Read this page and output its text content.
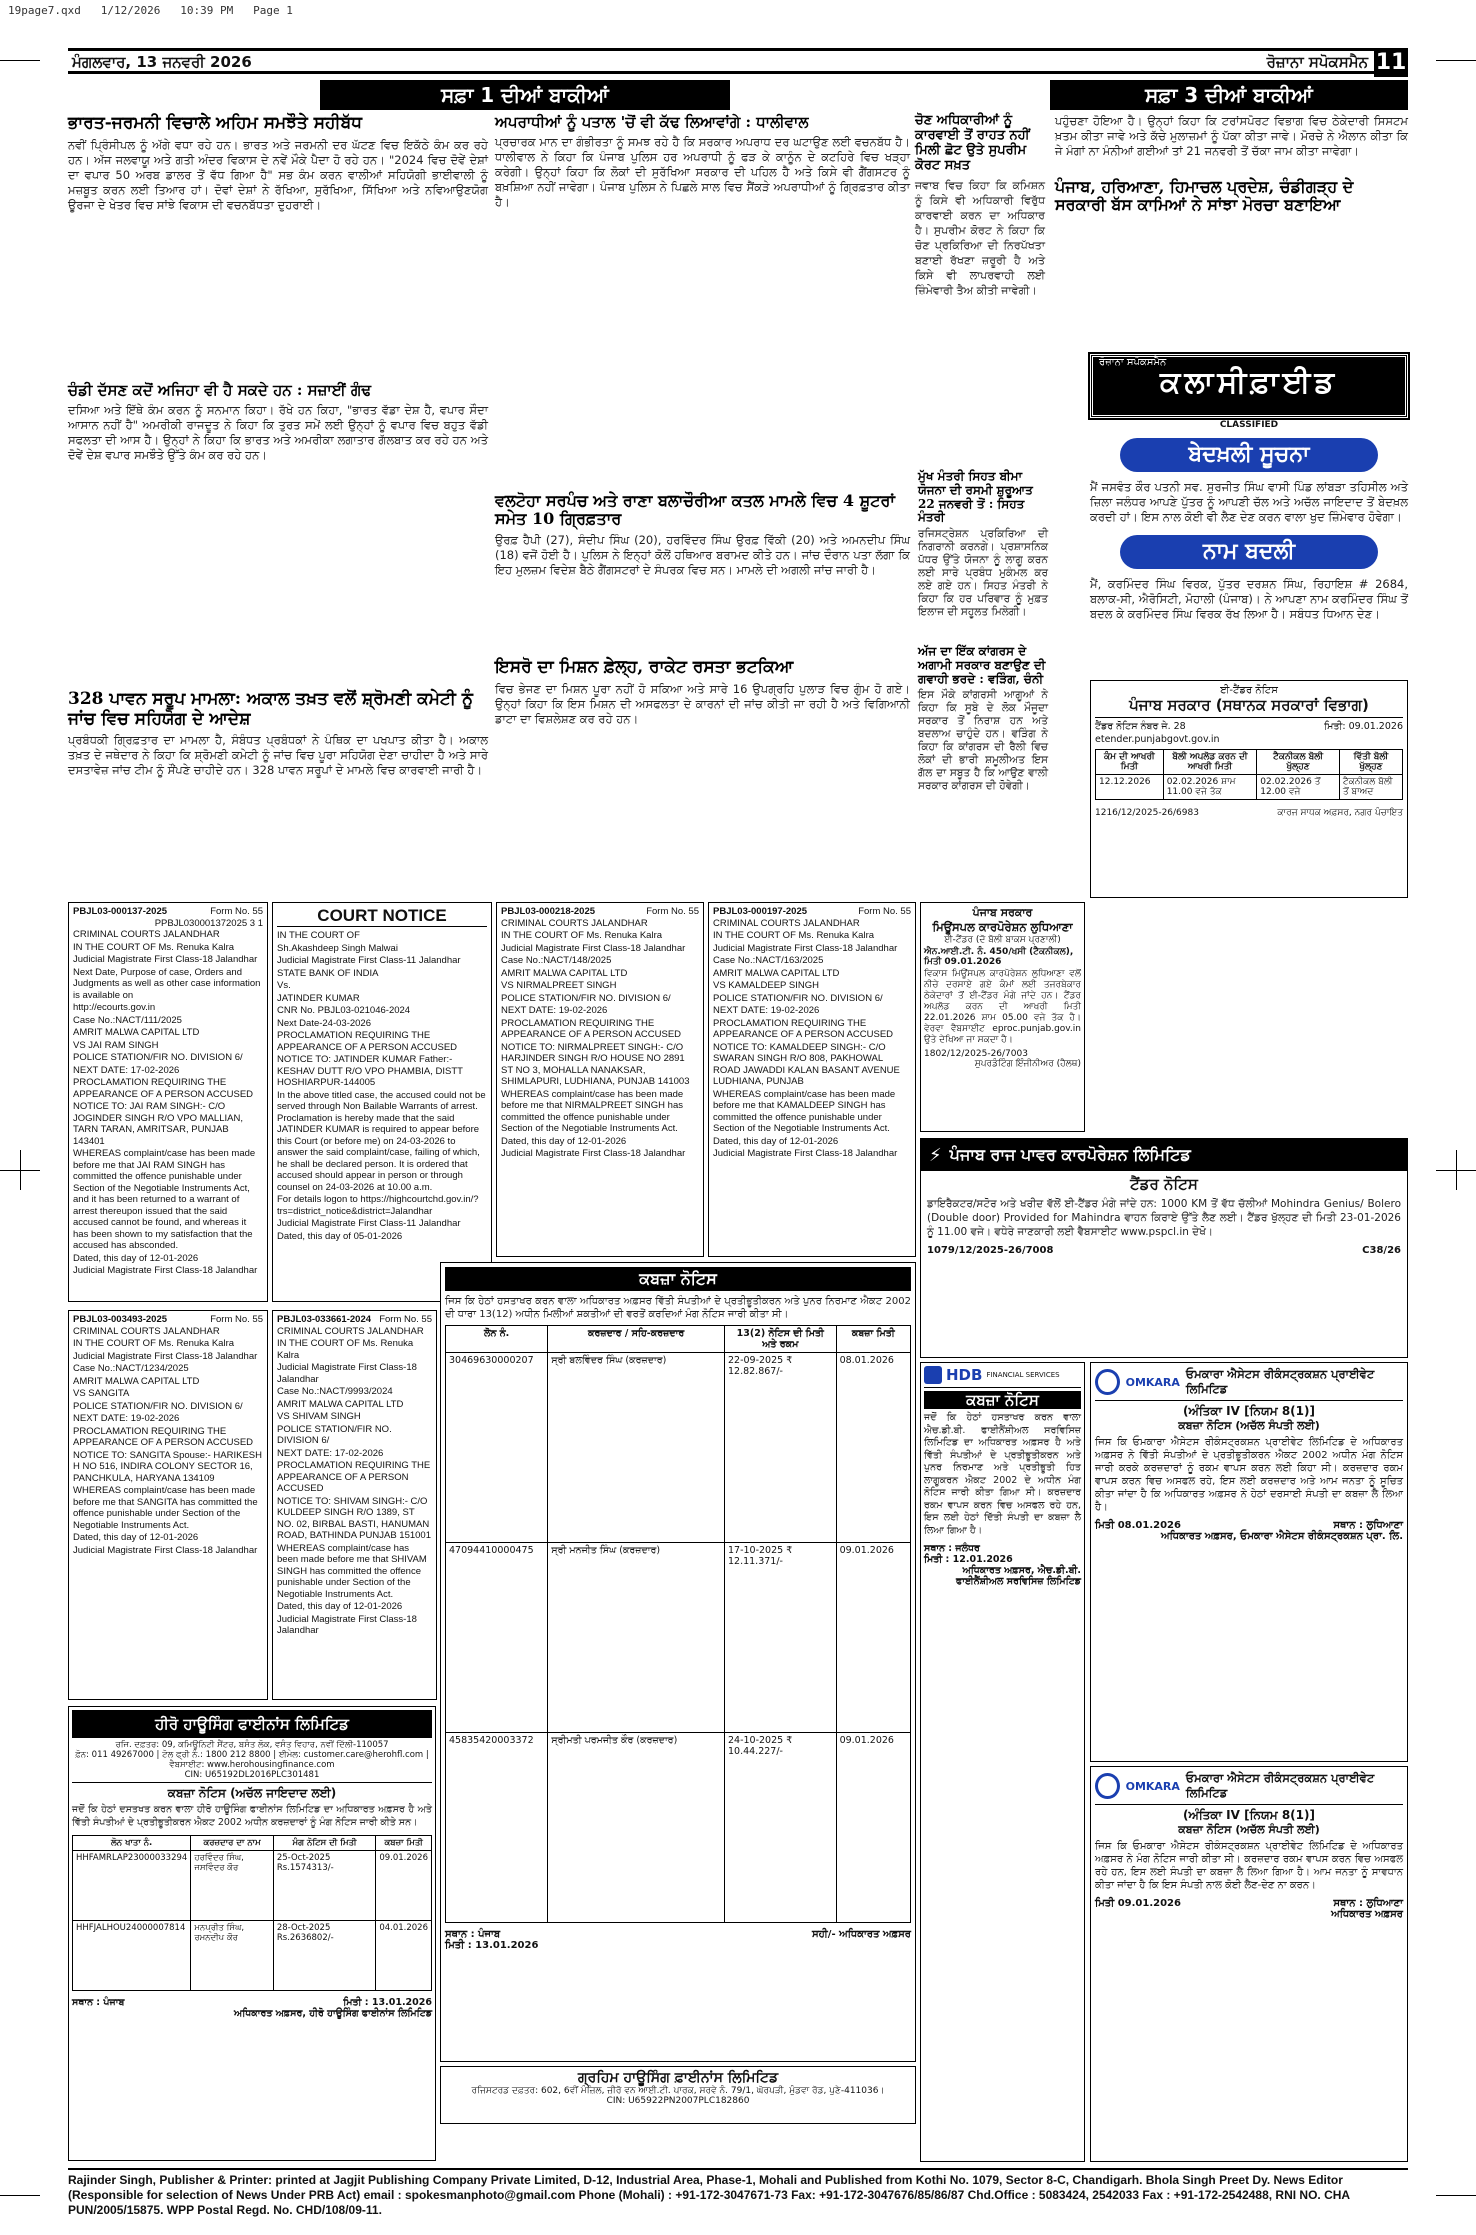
19page7.qxd 1/12/2026 10:39 PM Page 1
ਮੰਗਲਵਾਰ, 13 ਜਨਵਰੀ 2026	ਰੋਜ਼ਾਨਾ ਸਪੋਕਸਮੈਨ 11
ਸਫ਼ਾ 1 ਦੀਆਂ ਬਾਕੀਆਂ	ਸਫ਼ਾ 3 ਦੀਆਂ ਬਾਕੀਆਂ
ਭਾਰਤ-ਜਰਮਨੀ ਵਿਚਾਲੇ ਅਹਿਮ ਸਮਝੌਤੇ ਸਹੀਬੱਧ
ਨਵੀਂ ਪ੍ਰਿੰਸੀਪਲ ਨੂੰ ਅੱਗੇ ਵਧਾ ਰਹੇ ਹਨ। ਭਾਰਤ ਅਤੇ ਜਰਮਨੀ ਦਰ ਘੱਟਣ ਵਿਚ ਇਕੱਠੇ ਕੰਮ ਕਰ ਰਹੇ ਹਨ। ਅੱਜ ਜਲਵਾਯੂ ਅਤੇ ਗਤੀ ਅੰਦਰ ਵਿਕਾਸ ਦੇ ਨਵੇਂ ਮੌਕੇ ਪੈਦਾ ਹੋ ਰਹੇ ਹਨ। "2024 ਵਿਚ ਦੋਵੇਂ ਦੇਸ਼ਾਂ ਦਾ ਵਪਾਰ 50 ਅਰਬ ਡਾਲਰ ਤੋਂ ਵੱਧ ਗਿਆ ਹੈ" ਸਭ ਕੰਮ ਕਰਨ ਵਾਲੀਆਂ ਸਹਿਯੋਗੀ ਭਾਈਵਾਲੀ ਨੂੰ ਮਜ਼ਬੂਤ ਕਰਨ ਲਈ ਤਿਆਰ ਹਾਂ। ਦੋਵਾਂ ਦੇਸ਼ਾਂ ਨੇ ਰੱਖਿਆ, ਸੁਰੱਖਿਆ, ਸਿੱਖਿਆ ਅਤੇ ਨਵਿਆਉਣਯੋਗ ਊਰਜਾ ਦੇ ਖੇਤਰ ਵਿਚ ਸਾਂਝੇ ਵਿਕਾਸ ਦੀ ਵਚਨਬੱਧਤਾ ਦੁਹਰਾਈ।
ਚੰਡੀ ਦੱਸਣ ਕਦੋਂ ਅਜਿਹਾ ਵੀ ਹੈ ਸਕਦੇ ਹਨ : ਸਜ਼ਾਈਂ ਗੰਢ
ਦਸਿਆ ਅਤੇ ਇੱਥੇ ਕੰਮ ਕਰਨ ਨੂੰ ਸਨਮਾਨ ਕਿਹਾ। ਰੱਖੇ ਹਨ ਕਿਹਾ, "ਭਾਰਤ ਵੱਡਾ ਦੇਸ਼ ਹੈ, ਵਪਾਰ ਸੌਦਾ ਆਸਾਨ ਨਹੀਂ ਹੈ" ਅਮਰੀਕੀ ਰਾਜਦੂਤ ਨੇ ਕਿਹਾ ਕਿ ਤੁਰਤ ਸਮੇਂ ਲਈ ਉਨ੍ਹਾਂ ਨੂੰ ਵਪਾਰ ਵਿਚ ਬਹੁਤ ਵੱਡੀ ਸਫਲਤਾ ਦੀ ਆਸ ਹੈ। ਉਨ੍ਹਾਂ ਨੇ ਕਿਹਾ ਕਿ ਭਾਰਤ ਅਤੇ ਅਮਰੀਕਾ ਲਗਾਤਾਰ ਗੱਲਬਾਤ ਕਰ ਰਹੇ ਹਨ ਅਤੇ ਦੋਵੇਂ ਦੇਸ਼ ਵਪਾਰ ਸਮਝੌਤੇ ਉੱਤੇ ਕੰਮ ਕਰ ਰਹੇ ਹਨ।
328 ਪਾਵਨ ਸਰੂਪ ਮਾਮਲਾ: ਅਕਾਲ ਤਖ਼ਤ ਵਲੋਂ ਸ਼੍ਰੋਮਣੀ ਕਮੇਟੀ ਨੂੰ ਜਾਂਚ ਵਿਚ ਸਹਿਯੋਗ ਦੇ ਆਦੇਸ਼
ਪ੍ਰਬੰਧਕੀ ਗ੍ਰਿਫ਼ਤਾਰ ਦਾ ਮਾਮਲਾ ਹੈ, ਸੰਬੰਧਤ ਪ੍ਰਬੰਧਕਾਂ ਨੇ ਪੰਥਿਕ ਦਾ ਪਖਪਾਤ ਕੀਤਾ ਹੈ। ਅਕਾਲ ਤਖ਼ਤ ਦੇ ਜਥੇਦਾਰ ਨੇ ਕਿਹਾ ਕਿ ਸ਼੍ਰੋਮਣੀ ਕਮੇਟੀ ਨੂੰ ਜਾਂਚ ਵਿਚ ਪੂਰਾ ਸਹਿਯੋਗ ਦੇਣਾ ਚਾਹੀਦਾ ਹੈ ਅਤੇ ਸਾਰੇ ਦਸਤਾਵੇਜ਼ ਜਾਂਚ ਟੀਮ ਨੂੰ ਸੌਂਪਣੇ ਚਾਹੀਦੇ ਹਨ। 328 ਪਾਵਨ ਸਰੂਪਾਂ ਦੇ ਮਾਮਲੇ ਵਿਚ ਕਾਰਵਾਈ ਜਾਰੀ ਹੈ।
ਅਪਰਾਧੀਆਂ ਨੂੰ ਪਤਾਲ 'ਚੋਂ ਵੀ ਕੱਢ ਲਿਆਵਾਂਗੇ : ਧਾਲੀਵਾਲ
ਪ੍ਰਚਾਰਕ ਮਾਨ ਦਾ ਗੰਭੀਰਤਾ ਨੂੰ ਸਮਝ ਰਹੇ ਹੈ ਕਿ ਸਰਕਾਰ ਅਪਰਾਧ ਦਰ ਘਟਾਉਣ ਲਈ ਵਚਨਬੱਧ ਹੈ। ਧਾਲੀਵਾਲ ਨੇ ਕਿਹਾ ਕਿ ਪੰਜਾਬ ਪੁਲਿਸ ਹਰ ਅਪਰਾਧੀ ਨੂੰ ਫੜ ਕੇ ਕਾਨੂੰਨ ਦੇ ਕਟਹਿਰੇ ਵਿਚ ਖੜ੍ਹਾ ਕਰੇਗੀ। ਉਨ੍ਹਾਂ ਕਿਹਾ ਕਿ ਲੋਕਾਂ ਦੀ ਸੁਰੱਖਿਆ ਸਰਕਾਰ ਦੀ ਪਹਿਲ ਹੈ ਅਤੇ ਕਿਸੇ ਵੀ ਗੈਂਗਸਟਰ ਨੂੰ ਬਖ਼ਸ਼ਿਆ ਨਹੀਂ ਜਾਵੇਗਾ। ਪੰਜਾਬ ਪੁਲਿਸ ਨੇ ਪਿਛਲੇ ਸਾਲ ਵਿਚ ਸੈਂਕੜੇ ਅਪਰਾਧੀਆਂ ਨੂੰ ਗ੍ਰਿਫ਼ਤਾਰ ਕੀਤਾ ਹੈ।
ਵਲਟੋਹਾ ਸਰਪੰਚ ਅਤੇ ਰਾਣਾ ਬਲਾਚੌਰੀਆ ਕਤਲ ਮਾਮਲੇ ਵਿਚ 4 ਸ਼ੂਟਰਾਂ ਸਮੇਤ 10 ਗ੍ਰਿਫ਼ਤਾਰ
ਉਰਫ਼ ਹੈਪੀ (27), ਸੰਦੀਪ ਸਿੰਘ (20), ਹਰਵਿੰਦਰ ਸਿੰਘ ਉਰਫ਼ ਵਿੱਕੀ (20) ਅਤੇ ਅਮਨਦੀਪ ਸਿੰਘ (18) ਵਜੋਂ ਹੋਈ ਹੈ। ਪੁਲਿਸ ਨੇ ਇਨ੍ਹਾਂ ਕੋਲੋਂ ਹਥਿਆਰ ਬਰਾਮਦ ਕੀਤੇ ਹਨ। ਜਾਂਚ ਦੌਰਾਨ ਪਤਾ ਲੱਗਾ ਕਿ ਇਹ ਮੁਲਜ਼ਮ ਵਿਦੇਸ਼ ਬੈਠੇ ਗੈਂਗਸਟਰਾਂ ਦੇ ਸੰਪਰਕ ਵਿਚ ਸਨ। ਮਾਮਲੇ ਦੀ ਅਗਲੀ ਜਾਂਚ ਜਾਰੀ ਹੈ।
ਇਸਰੋ ਦਾ ਮਿਸ਼ਨ ਫ਼ੇਲ੍ਹ, ਰਾਕੇਟ ਰਸਤਾ ਭਟਕਿਆ
ਵਿਚ ਭੇਜਣ ਦਾ ਮਿਸ਼ਨ ਪੂਰਾ ਨਹੀਂ ਹੋ ਸਕਿਆ ਅਤੇ ਸਾਰੇ 16 ਉਪਗ੍ਰਹਿ ਪੁਲਾੜ ਵਿਚ ਗੁੰਮ ਹੋ ਗਏ। ਉਨ੍ਹਾਂ ਕਿਹਾ ਕਿ ਇਸ ਮਿਸ਼ਨ ਦੀ ਅਸਫਲਤਾ ਦੇ ਕਾਰਨਾਂ ਦੀ ਜਾਂਚ ਕੀਤੀ ਜਾ ਰਹੀ ਹੈ ਅਤੇ ਵਿਗਿਆਨੀ ਡਾਟਾ ਦਾ ਵਿਸ਼ਲੇਸ਼ਣ ਕਰ ਰਹੇ ਹਨ।
ਚੋਣ ਅਧਿਕਾਰੀਆਂ ਨੂੰ ਕਾਰਵਾਈ ਤੋਂ ਰਾਹਤ ਨਹੀਂ ਮਿਲੀ ਛੋਟ ਉਤੇ ਸੁਪਰੀਮ ਕੋਰਟ ਸਖ਼ਤ
ਜਵਾਬ ਵਿਚ ਕਿਹਾ ਕਿ ਕਮਿਸ਼ਨ ਨੂੰ ਕਿਸੇ ਵੀ ਅਧਿਕਾਰੀ ਵਿਰੁੱਧ ਕਾਰਵਾਈ ਕਰਨ ਦਾ ਅਧਿਕਾਰ ਹੈ। ਸੁਪਰੀਮ ਕੋਰਟ ਨੇ ਕਿਹਾ ਕਿ ਚੋਣ ਪ੍ਰਕਿਰਿਆ ਦੀ ਨਿਰਪੱਖਤਾ ਬਣਾਈ ਰੱਖਣਾ ਜ਼ਰੂਰੀ ਹੈ ਅਤੇ ਕਿਸੇ ਵੀ ਲਾਪਰਵਾਹੀ ਲਈ ਜ਼ਿੰਮੇਵਾਰੀ ਤੈਅ ਕੀਤੀ ਜਾਵੇਗੀ।
ਮੁੱਖ ਮੰਤਰੀ ਸਿਹਤ ਬੀਮਾ ਯੋਜਨਾ ਦੀ ਰਸਮੀ ਸ਼ੁਰੂਆਤ 22 ਜਨਵਰੀ ਤੋਂ : ਸਿਹਤ ਮੰਤਰੀ
ਰਜਿਸਟ੍ਰੇਸ਼ਨ ਪ੍ਰਕਿਰਿਆ ਦੀ ਨਿਗਰਾਨੀ ਕਰਨਗੇ। ਪ੍ਰਸ਼ਾਸਨਿਕ ਪੱਧਰ ਉੱਤੇ ਯੋਜਨਾ ਨੂੰ ਲਾਗੂ ਕਰਨ ਲਈ ਸਾਰੇ ਪ੍ਰਬੰਧ ਮੁਕੰਮਲ ਕਰ ਲਏ ਗਏ ਹਨ। ਸਿਹਤ ਮੰਤਰੀ ਨੇ ਕਿਹਾ ਕਿ ਹਰ ਪਰਿਵਾਰ ਨੂੰ ਮੁਫ਼ਤ ਇਲਾਜ ਦੀ ਸਹੂਲਤ ਮਿਲੇਗੀ।
ਅੱਜ ਦਾ ਇੱਕ ਕਾਂਗਰਸ ਦੇ ਅਗਾਮੀ ਸਰਕਾਰ ਬਣਾਉਣ ਦੀ ਗਵਾਹੀ ਭਰਦੇ : ਵੜਿੰਗ, ਚੰਨੀ
ਇਸ ਮੌਕੇ ਕਾਂਗਰਸੀ ਆਗੂਆਂ ਨੇ ਕਿਹਾ ਕਿ ਸੂਬੇ ਦੇ ਲੋਕ ਮੌਜੂਦਾ ਸਰਕਾਰ ਤੋਂ ਨਿਰਾਸ਼ ਹਨ ਅਤੇ ਬਦਲਾਅ ਚਾਹੁੰਦੇ ਹਨ। ਵੜਿੰਗ ਨੇ ਕਿਹਾ ਕਿ ਕਾਂਗਰਸ ਦੀ ਰੈਲੀ ਵਿਚ ਲੋਕਾਂ ਦੀ ਭਾਰੀ ਸ਼ਮੂਲੀਅਤ ਇਸ ਗੱਲ ਦਾ ਸਬੂਤ ਹੈ ਕਿ ਆਉਣ ਵਾਲੀ ਸਰਕਾਰ ਕਾਂਗਰਸ ਦੀ ਹੋਵੇਗੀ।
ਪਹੁੰਚਣਾ ਹੋਇਆ ਹੈ। ਉਨ੍ਹਾਂ ਕਿਹਾ ਕਿ ਟਰਾਂਸਪੋਰਟ ਵਿਭਾਗ ਵਿਚ ਠੇਕੇਦਾਰੀ ਸਿਸਟਮ ਖ਼ਤਮ ਕੀਤਾ ਜਾਵੇ ਅਤੇ ਕੱਚੇ ਮੁਲਾਜ਼ਮਾਂ ਨੂੰ ਪੱਕਾ ਕੀਤਾ ਜਾਵੇ। ਮੋਰਚੇ ਨੇ ਐਲਾਨ ਕੀਤਾ ਕਿ ਜੇ ਮੰਗਾਂ ਨਾ ਮੰਨੀਆਂ ਗਈਆਂ ਤਾਂ 21 ਜਨਵਰੀ ਤੋਂ ਚੱਕਾ ਜਾਮ ਕੀਤਾ ਜਾਵੇਗਾ।
ਪੰਜਾਬ, ਹਰਿਆਣਾ, ਹਿਮਾਚਲ ਪ੍ਰਦੇਸ਼, ਚੰਡੀਗੜ੍ਹ ਦੇ ਸਰਕਾਰੀ ਬੱਸ ਕਾਮਿਆਂ ਨੇ ਸਾਂਝਾ ਮੋਰਚਾ ਬਣਾਇਆ
ਰੋਜ਼ਾਨਾ ਸਪੋਕਸਮੈਨ
ਕਲਾਸੀਫ਼ਾਈਡ
CLASSIFIED
ਬੇਦਖ਼ਲੀ ਸੂਚਨਾ
ਮੈਂ ਜਸਵੰਤ ਕੌਰ ਪਤਨੀ ਸਵ. ਸੁਰਜੀਤ ਸਿੰਘ ਵਾਸੀ ਪਿੰਡ ਲਾਂਬੜਾ ਤਹਿਸੀਲ ਅਤੇ ਜ਼ਿਲਾ ਜਲੰਧਰ ਆਪਣੇ ਪੁੱਤਰ ਨੂੰ ਆਪਣੀ ਚੱਲ ਅਤੇ ਅਚੱਲ ਜਾਇਦਾਦ ਤੋਂ ਬੇਦਖ਼ਲ ਕਰਦੀ ਹਾਂ। ਇਸ ਨਾਲ ਕੋਈ ਵੀ ਲੈਣ ਦੇਣ ਕਰਨ ਵਾਲਾ ਖੁਦ ਜ਼ਿੰਮੇਵਾਰ ਹੋਵੇਗਾ।
ਨਾਮ ਬਦਲੀ
ਮੈਂ, ਕਰਮਿੰਦਰ ਸਿੰਘ ਵਿਰਕ, ਪੁੱਤਰ ਦਰਸ਼ਨ ਸਿੰਘ, ਰਿਹਾਇਸ਼ # 2684, ਬਲਾਕ-ਸੀ, ਐਰੋਸਿਟੀ, ਮੋਹਾਲੀ (ਪੰਜਾਬ)। ਨੇ ਆਪਣਾ ਨਾਮ ਕਰਮਿੰਦਰ ਸਿੰਘ ਤੋਂ ਬਦਲ ਕੇ ਕਰਮਿੰਦਰ ਸਿੰਘ ਵਿਰਕ ਰੱਖ ਲਿਆ ਹੈ। ਸਬੰਧਤ ਧਿਆਨ ਦੇਣ।
ਈ-ਟੈਂਡਰ ਨੋਟਿਸ
ਪੰਜਾਬ ਸਰਕਾਰ (ਸਥਾਨਕ ਸਰਕਾਰਾਂ ਵਿਭਾਗ)
ਟੈਂਡਰ ਨੋਟਿਸ ਨੰਬਰ ਜੇ. 28	ਮਿਤੀ: 09.01.2026
etender.punjabgovt.gov.in
ਕੰਮ ਦੀ ਆਖਰੀ ਮਿਤੀ	ਬੋਲੀ ਅਪਲੋਡ ਕਰਨ ਦੀ ਆਖਰੀ ਮਿਤੀ	ਟੈਕਨੀਕਲ ਬੋਲੀ ਖੁੱਲ੍ਹਣ	ਵਿੱਤੀ ਬੋਲੀ ਖੁੱਲ੍ਹਣ
12.12.2026	02.02.2026 ਸ਼ਾਮ 11.00 ਵਜੇ ਤੱਕ	02.02.2026 ਤੋਂ 12.00 ਵਜੇ	ਟੈਕਨੀਕਲ ਬੋਲੀ ਤੋਂ ਬਾਅਦ
1216/12/2025-26/6983	ਕਾਰਜ ਸਾਧਕ ਅਫ਼ਸਰ, ਨਗਰ ਪੰਚਾਇਤ
PBJL03-000137-2025	Form No. 55
PPBJL030001372025 3 1
CRIMINAL COURTS JALANDHAR
IN THE COURT OF Ms. Renuka Kalra
Judicial Magistrate First Class-18 Jalandhar
Next Date, Purpose of case, Orders and Judgments as well as other case information is available on
http://ecourts.gov.in
Case No.:NACT/111/2025
AMRIT MALWA CAPITAL LTD
VS JAI RAM SINGH
POLICE STATION/FIR NO. DIVISION 6/
NEXT DATE: 17-02-2026
PROCLAMATION REQUIRING THE APPEARANCE OF A PERSON ACCUSED
NOTICE TO: JAI RAM SINGH:- C/O JOGINDER SINGH R/O VPO MALLIAN, TARN TARAN, AMRITSAR, PUNJAB 143401
WHEREAS complaint/case has been made before me that JAI RAM SINGH has committed the offence punishable under Section of the Negotiable Instruments Act, and it has been returned to a warrant of arrest thereupon issued that the said accused cannot be found, and whereas it has been shown to my satisfaction that the accused has absconded.
Dated, this day of 12-01-2026
Judicial Magistrate First Class-18 Jalandhar
COURT NOTICE
IN THE COURT OF
Sh.Akashdeep Singh Malwai
Judicial Magistrate First Class-11 Jalandhar
STATE BANK OF INDIA
Vs.
JATINDER KUMAR
CNR No. PBJL03-021046-2024
Next Date-24-03-2026
PROCLAMATION REQUIRING THE APPEARANCE OF A PERSON ACCUSED
NOTICE TO: JATINDER KUMAR Father:- KESHAV DUTT R/O VPO PHAMBIA, DISTT HOSHIARPUR-144005
In the above titled case, the accused could not be served through Non Bailable Warrants of arrest. Proclamation is hereby made that the said JATINDER KUMAR is required to appear before this Court (or before me) on 24-03-2026 to answer the said complaint/case, failing of which, he shall be declared person. It is ordered that accused should appear in person or through counsel on 24-03-2026 at 10.00 a.m.
For details logon to https://highcourtchd.gov.in/?trs=district_notice&district=Jalandhar
Judicial Magistrate First Class-11 Jalandhar
Dated, this day of 05-01-2026
PBJL03-000218-2025	Form No. 55
CRIMINAL COURTS JALANDHAR
IN THE COURT OF Ms. Renuka Kalra
Judicial Magistrate First Class-18 Jalandhar
Case No.:NACT/148/2025
AMRIT MALWA CAPITAL LTD
VS NIRMALPREET SINGH
POLICE STATION/FIR NO. DIVISION 6/
NEXT DATE: 19-02-2026
PROCLAMATION REQUIRING THE APPEARANCE OF A PERSON ACCUSED
NOTICE TO: NIRMALPREET SINGH:- C/O HARJINDER SINGH R/O HOUSE NO 2891 ST NO 3, MOHALLA NANAKSAR, SHIMLAPURI, LUDHIANA, PUNJAB 141003
WHEREAS complaint/case has been made before me that NIRMALPREET SINGH has committed the offence punishable under Section of the Negotiable Instruments Act.
Dated, this day of 12-01-2026
Judicial Magistrate First Class-18 Jalandhar
PBJL03-000197-2025	Form No. 55
CRIMINAL COURTS JALANDHAR
IN THE COURT OF Ms. Renuka Kalra
Judicial Magistrate First Class-18 Jalandhar
Case No.:NACT/163/2025
AMRIT MALWA CAPITAL LTD
VS KAMALDEEP SINGH
POLICE STATION/FIR NO. DIVISION 6/
NEXT DATE: 19-02-2026
PROCLAMATION REQUIRING THE APPEARANCE OF A PERSON ACCUSED
NOTICE TO: KAMALDEEP SINGH:- C/O SWARAN SINGH R/O 808, PAKHOWAL ROAD JAWADDI KALAN BASANT AVENUE LUDHIANA, PUNJAB
WHEREAS complaint/case has been made before me that KAMALDEEP SINGH has committed the offence punishable under Section of the Negotiable Instruments Act.
Dated, this day of 12-01-2026
Judicial Magistrate First Class-18 Jalandhar
ਪੰਜਾਬ ਸਰਕਾਰ
ਮਿਊਂਸਪਲ ਕਾਰਪੋਰੇਸ਼ਨ ਲੁਧਿਆਣਾ
ਈ-ਟੈਂਡਰ (ਦੋ ਬੋਲੀ ਬਾਕਸ ਪ੍ਰਣਾਲੀ)
ਐਨ.ਆਈ.ਟੀ. ਨੰ. 450/ਖਸੀ (ਟੈਕਨੀਕਲ), ਮਿਤੀ 09.01.2026
ਵਿਕਾਸ ਮਿਊਂਸਪਲ ਕਾਰਪੋਰੇਸ਼ਨ ਲੁਧਿਆਣਾ ਵਲੋਂ ਨੀਚੇ ਦਰਸਾਏ ਗਏ ਕੰਮਾਂ ਲਈ ਤਜਰਬੇਕਾਰ ਠੇਕੇਦਾਰਾਂ ਤੋਂ ਈ-ਟੈਂਡਰ ਮੰਗੇ ਜਾਂਦੇ ਹਨ। ਟੈਂਡਰ ਅਪਲੋਡ ਕਰਨ ਦੀ ਆਖਰੀ ਮਿਤੀ 22.01.2026 ਸ਼ਾਮ 05.00 ਵਜੇ ਤੱਕ ਹੈ। ਵੇਰਵਾ ਵੈਬਸਾਈਟ eproc.punjab.gov.in ਉਤੇ ਦੇਖਿਆ ਜਾ ਸਕਦਾ ਹੈ।
1802/12/2025-26/7003
ਸੁਪਰਡੰਟਿੰਗ ਇੰਜੀਨੀਅਰ (ਹੈਲਥ)
⚡ ਪੰਜਾਬ ਰਾਜ ਪਾਵਰ ਕਾਰਪੋਰੇਸ਼ਨ ਲਿਮਿਟਿਡ
ਟੈਂਡਰ ਨੋਟਿਸ
ਡਾਇਰੈਕਟਰ/ਸਟੋਰ ਅਤੇ ਖਰੀਦ ਵੱਲੋਂ ਈ-ਟੈਂਡਰ ਮੰਗੇ ਜਾਂਦੇ ਹਨ: 1000 KM ਤੋਂ ਵੱਧ ਚੱਲੀਆਂ Mohindra Genius/ Bolero (Double door) Provided for Mahindra ਵਾਹਨ ਕਿਰਾਏ ਉੱਤੇ ਲੈਣ ਲਈ। ਟੈਂਡਰ ਖੁੱਲ੍ਹਣ ਦੀ ਮਿਤੀ 23-01-2026 ਨੂੰ 11.00 ਵਜੇ। ਵਧੇਰੇ ਜਾਣਕਾਰੀ ਲਈ ਵੈਬਸਾਈਟ www.pspcl.in ਦੇਖੋ।
1079/12/2025-26/7008	C38/26
PBJL03-003493-2025	Form No. 55
CRIMINAL COURTS JALANDHAR
IN THE COURT OF Ms. Renuka Kalra
Judicial Magistrate First Class-18 Jalandhar
Case No.:NACT/1234/2025
AMRIT MALWA CAPITAL LTD
VS SANGITA
POLICE STATION/FIR NO. DIVISION 6/
NEXT DATE: 19-02-2026
PROCLAMATION REQUIRING THE APPEARANCE OF A PERSON ACCUSED
NOTICE TO: SANGITA Spouse:- HARIKESH H NO 516, INDIRA COLONY SECTOR 16, PANCHKULA, HARYANA 134109
WHEREAS complaint/case has been made before me that SANGITA has committed the offence punishable under Section of the Negotiable Instruments Act.
Dated, this day of 12-01-2026
Judicial Magistrate First Class-18 Jalandhar
PBJL03-033661-2024 Form No. 55
CRIMINAL COURTS JALANDHAR
IN THE COURT OF Ms. Renuka Kalra
Judicial Magistrate First Class-18 Jalandhar
Case No.:NACT/9993/2024
AMRIT MALWA CAPITAL LTD
VS SHIVAM SINGH
POLICE STATION/FIR NO. DIVISION 6/
NEXT DATE: 17-02-2026
PROCLAMATION REQUIRING THE APPEARANCE OF A PERSON ACCUSED
NOTICE TO: SHIVAM SINGH:- C/O KULDEEP SINGH R/O 1389, ST NO. 02, BIRBAL BASTI, HANUMAN ROAD, BATHINDA PUNJAB 151001
WHEREAS complaint/case has been made before me that SHIVAM SINGH has committed the offence punishable under Section of the Negotiable Instruments Act.
Dated, this day of 12-01-2026
Judicial Magistrate First Class-18 Jalandhar
ਕਬਜ਼ਾ ਨੋਟਿਸ
ਜਿਸ ਕਿ ਹੇਠਾਂ ਹਸਤਾਖਰ ਕਰਨ ਵਾਲਾ ਅਧਿਕਾਰਤ ਅਫ਼ਸਰ ਵਿੱਤੀ ਸੰਪਤੀਆਂ ਦੇ ਪ੍ਰਤੀਭੂਤੀਕਰਨ ਅਤੇ ਪੁਨਰ ਨਿਰਮਾਣ ਐਕਟ 2002 ਦੀ ਧਾਰਾ 13(12) ਅਧੀਨ ਮਿਲੀਆਂ ਸ਼ਕਤੀਆਂ ਦੀ ਵਰਤੋਂ ਕਰਦਿਆਂ ਮੰਗ ਨੋਟਿਸ ਜਾਰੀ ਕੀਤਾ ਸੀ।
ਲੋਨ ਨੰ.	ਕਰਜ਼ਦਾਰ / ਸਹਿ-ਕਰਜ਼ਦਾਰ	13(2) ਨੋਟਿਸ ਦੀ ਮਿਤੀ ਅਤੇ ਰਕਮ	ਕਬਜ਼ਾ ਮਿਤੀ
30469630000207	ਸ੍ਰੀ ਬਲਵਿੰਦਰ ਸਿੰਘ (ਕਰਜ਼ਦਾਰ)	22-09-2025 ₹ 12.82.867/-	08.01.2026
47094410000475	ਸ੍ਰੀ ਮਨਜੀਤ ਸਿੰਘ (ਕਰਜ਼ਦਾਰ)	17-10-2025 ₹ 12.11.371/-	09.01.2026
45835420003372	ਸ੍ਰੀਮਤੀ ਪਰਮਜੀਤ ਕੌਰ (ਕਰਜ਼ਦਾਰ)	24-10-2025 ₹ 10.44.227/-	09.01.2026
ਸਥਾਨ : ਪੰਜਾਬ	ਸਹੀ/- ਅਧਿਕਾਰਤ ਅਫ਼ਸਰ
ਮਿਤੀ : 13.01.2026
ਗ੍ਰਹਿਮ ਹਾਊਸਿੰਗ ਫ਼ਾਈਨਾਂਸ ਲਿਮਿਟਿਡ
ਰਜਿਸਟਰਡ ਦਫ਼ਤਰ: 602, 6ਵੀਂ ਮੰਜ਼ਿਲ, ਜ਼ੀਰੋ ਵਨ ਆਈ.ਟੀ. ਪਾਰਕ, ਸਰਵੇ ਨੰ. 79/1, ਘੋਰਪੜੀ, ਮੁੰਡਵਾ ਰੋਡ, ਪੁਣੇ-411036।
CIN: U65922PN2007PLC182860
HDB FINANCIAL SERVICES
ਕਬਜ਼ਾ ਨੋਟਿਸ
ਜਦੋਂ ਕਿ ਹੇਠਾਂ ਹਸਤਾਖਰ ਕਰਨ ਵਾਲਾ ਐਚ.ਡੀ.ਬੀ. ਫਾਈਨੈਂਸ਼ੀਅਲ ਸਰਵਿਸਿਜ਼ ਲਿਮਿਟਿਡ ਦਾ ਅਧਿਕਾਰਤ ਅਫ਼ਸਰ ਹੈ ਅਤੇ ਵਿੱਤੀ ਸੰਪਤੀਆਂ ਦੇ ਪ੍ਰਤੀਭੂਤੀਕਰਨ ਅਤੇ ਪੁਨਰ ਨਿਰਮਾਣ ਅਤੇ ਪ੍ਰਤੀਭੂਤੀ ਹਿਤ ਲਾਗੂਕਰਨ ਐਕਟ 2002 ਦੇ ਅਧੀਨ ਮੰਗ ਨੋਟਿਸ ਜਾਰੀ ਕੀਤਾ ਗਿਆ ਸੀ। ਕਰਜ਼ਦਾਰ ਰਕਮ ਵਾਪਸ ਕਰਨ ਵਿਚ ਅਸਫਲ ਰਹੇ ਹਨ, ਇਸ ਲਈ ਹੇਠਾਂ ਦਿੱਤੀ ਸੰਪਤੀ ਦਾ ਕਬਜ਼ਾ ਲੈ ਲਿਆ ਗਿਆ ਹੈ।
ਸਥਾਨ : ਜਲੰਧਰ
ਮਿਤੀ : 12.01.2026
ਅਧਿਕਾਰਤ ਅਫ਼ਸਰ, ਐਚ.ਡੀ.ਬੀ. ਫਾਈਨੈਂਸ਼ੀਅਲ ਸਰਵਿਸਿਜ਼ ਲਿਮਿਟਿਡ
OMKARA
ਓਮਕਾਰਾ ਐਸੇਟਸ ਰੀਕੰਸਟ੍ਰਕਸ਼ਨ ਪ੍ਰਾਈਵੇਟ ਲਿਮਿਟਿਡ
(ਅੰਤਿਕਾ IV [ਨਿਯਮ 8(1)]
ਕਬਜ਼ਾ ਨੋਟਿਸ (ਅਚੱਲ ਸੰਪਤੀ ਲਈ)
ਜਿਸ ਕਿ ਓਮਕਾਰਾ ਐਸੇਟਸ ਰੀਕੰਸਟ੍ਰਕਸ਼ਨ ਪ੍ਰਾਈਵੇਟ ਲਿਮਿਟਿਡ ਦੇ ਅਧਿਕਾਰਤ ਅਫ਼ਸਰ ਨੇ ਵਿੱਤੀ ਸੰਪਤੀਆਂ ਦੇ ਪ੍ਰਤੀਭੂਤੀਕਰਨ ਐਕਟ 2002 ਅਧੀਨ ਮੰਗ ਨੋਟਿਸ ਜਾਰੀ ਕਰਕੇ ਕਰਜ਼ਦਾਰਾਂ ਨੂੰ ਰਕਮ ਵਾਪਸ ਕਰਨ ਲਈ ਕਿਹਾ ਸੀ। ਕਰਜ਼ਦਾਰ ਰਕਮ ਵਾਪਸ ਕਰਨ ਵਿਚ ਅਸਫਲ ਰਹੇ, ਇਸ ਲਈ ਕਰਜ਼ਦਾਰ ਅਤੇ ਆਮ ਜਨਤਾ ਨੂੰ ਸੂਚਿਤ ਕੀਤਾ ਜਾਂਦਾ ਹੈ ਕਿ ਅਧਿਕਾਰਤ ਅਫ਼ਸਰ ਨੇ ਹੇਠਾਂ ਦਰਸਾਈ ਸੰਪਤੀ ਦਾ ਕਬਜ਼ਾ ਲੈ ਲਿਆ ਹੈ।
ਮਿਤੀ 08.01.2026	ਸਥਾਨ : ਲੁਧਿਆਣਾ
ਅਧਿਕਾਰਤ ਅਫ਼ਸਰ, ਓਮਕਾਰਾ ਐਸੇਟਸ ਰੀਕੰਸਟ੍ਰਕਸ਼ਨ ਪ੍ਰਾ. ਲਿ.
OMKARA
ਓਮਕਾਰਾ ਐਸੇਟਸ ਰੀਕੰਸਟ੍ਰਕਸ਼ਨ ਪ੍ਰਾਈਵੇਟ ਲਿਮਿਟਿਡ
(ਅੰਤਿਕਾ IV [ਨਿਯਮ 8(1)]
ਕਬਜ਼ਾ ਨੋਟਿਸ (ਅਚੱਲ ਸੰਪਤੀ ਲਈ)
ਜਿਸ ਕਿ ਓਮਕਾਰਾ ਐਸੇਟਸ ਰੀਕੰਸਟ੍ਰਕਸ਼ਨ ਪ੍ਰਾਈਵੇਟ ਲਿਮਿਟਿਡ ਦੇ ਅਧਿਕਾਰਤ ਅਫ਼ਸਰ ਨੇ ਮੰਗ ਨੋਟਿਸ ਜਾਰੀ ਕੀਤਾ ਸੀ। ਕਰਜ਼ਦਾਰ ਰਕਮ ਵਾਪਸ ਕਰਨ ਵਿਚ ਅਸਫਲ ਰਹੇ ਹਨ, ਇਸ ਲਈ ਸੰਪਤੀ ਦਾ ਕਬਜ਼ਾ ਲੈ ਲਿਆ ਗਿਆ ਹੈ। ਆਮ ਜਨਤਾ ਨੂੰ ਸਾਵਧਾਨ ਕੀਤਾ ਜਾਂਦਾ ਹੈ ਕਿ ਇਸ ਸੰਪਤੀ ਨਾਲ ਕੋਈ ਲੈਣ-ਦੇਣ ਨਾ ਕਰਨ।
ਮਿਤੀ 09.01.2026	ਸਥਾਨ : ਲੁਧਿਆਣਾ
ਅਧਿਕਾਰਤ ਅਫ਼ਸਰ
ਹੀਰੋ ਹਾਊਸਿੰਗ ਫਾਈਨਾਂਸ ਲਿਮਿਟਿਡ
ਰਜਿ. ਦਫ਼ਤਰ: 09, ਕਮਿਊਨਿਟੀ ਸੈਂਟਰ, ਬਸੰਤ ਲੋਕ, ਵਸੰਤ ਵਿਹਾਰ, ਨਵੀਂ ਦਿੱਲੀ-110057
ਫ਼ੋਨ: 011 49267000 | ਟੋਲ ਫ੍ਰੀ ਨੰ.: 1800 212 8800 | ਈਮੇਲ: customer.care@herohfl.com | ਵੈਬਸਾਈਟ: www.herohousingfinance.com
CIN: U65192DL2016PLC301481
ਕਬਜ਼ਾ ਨੋਟਿਸ (ਅਚੱਲ ਜਾਇਦਾਦ ਲਈ)
ਜਦੋਂ ਕਿ ਹੇਠਾਂ ਦਸਤਖਤ ਕਰਨ ਵਾਲਾ ਹੀਰੋ ਹਾਊਸਿੰਗ ਫਾਈਨਾਂਸ ਲਿਮਿਟਿਡ ਦਾ ਅਧਿਕਾਰਤ ਅਫ਼ਸਰ ਹੈ ਅਤੇ ਵਿੱਤੀ ਸੰਪਤੀਆਂ ਦੇ ਪ੍ਰਤੀਭੂਤੀਕਰਨ ਐਕਟ 2002 ਅਧੀਨ ਕਰਜ਼ਦਾਰਾਂ ਨੂੰ ਮੰਗ ਨੋਟਿਸ ਜਾਰੀ ਕੀਤੇ ਸਨ।
ਲੋਨ ਖਾਤਾ ਨੰ.	ਕਰਜ਼ਦਾਰ ਦਾ ਨਾਮ	ਮੰਗ ਨੋਟਿਸ ਦੀ ਮਿਤੀ	ਕਬਜ਼ਾ ਮਿਤੀ
HHFAMRLAP23000033294	ਹਰਵਿੰਦਰ ਸਿੰਘ, ਜਸਵਿੰਦਰ ਕੌਰ	25-Oct-2025 Rs.1574313/-	09.01.2026
HHFJALHOU24000007814	ਮਨਪ੍ਰੀਤ ਸਿੰਘ, ਰਮਨਦੀਪ ਕੌਰ	28-Oct-2025 Rs.2636802/-	04.01.2026
ਸਥਾਨ : ਪੰਜਾਬ	ਮਿਤੀ : 13.01.2026
ਅਧਿਕਾਰਤ ਅਫ਼ਸਰ, ਹੀਰੋ ਹਾਊਸਿੰਗ ਫਾਈਨਾਂਸ ਲਿਮਿਟਿਡ
Rajinder Singh, Publisher & Printer: printed at Jagjit Publishing Company Private Limited, D-12, Industrial Area, Phase-1, Mohali and Published from Kothi No. 1079, Sector 8-C, Chandigarh. Bhola Singh Preet Dy. News Editor (Responsible for selection of News Under PRB Act) email : spokesmanphoto@gmail.com Phone (Mohali) : +91-172-3047671-73 Fax: +91-172-3047676/85/86/87 Chd.Office : 5083424, 2542033 Fax : +91-172-2542488, RNI NO. CHA PUN/2005/15875. WPP Postal Regd. No. CHD/108/09-11.
